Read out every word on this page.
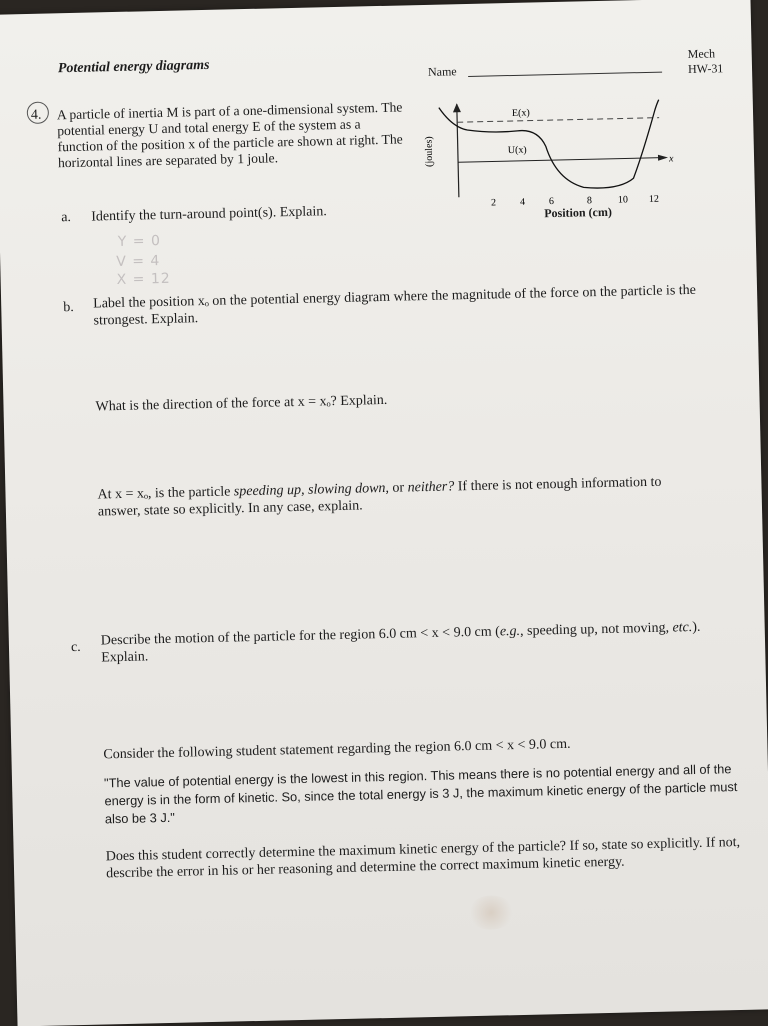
Potential energy diagrams	Name
Mech
HW-31
4. A particle of inertia M is part of a one-dimensional system. The potential energy U and total energy E of the system as a function of the position x of the particle are shown at right. The horizontal lines are separated by 1 joule.
E(x)
U(x)
(joules)	x
2 4 6	8	10 12
Position (cm)
a. Identify the turn-around point(s). Explain.
Y = 0
V = 4
X = 12
b. Label the position xₒ on the potential energy diagram where the magnitude of the force on the particle is the strongest. Explain.
What is the direction of the force at x = xₒ? Explain.
At x = xₒ, is the particle speeding up, slowing down, or neither? If there is not enough information to answer, state so explicitly. In any case, explain.
c. Describe the motion of the particle for the region 6.0 cm < x < 9.0 cm (e.g., speeding up, not moving, etc.). Explain.
Consider the following student statement regarding the region 6.0 cm < x < 9.0 cm.
"The value of potential energy is the lowest in this region. This means there is no potential energy and all of the energy is in the form of kinetic. So, since the total energy is 3 J, the maximum kinetic energy of the particle must also be 3 J."
Does this student correctly determine the maximum kinetic energy of the particle? If so, state so explicitly. If not, describe the error in his or her reasoning and determine the correct maximum kinetic energy.
